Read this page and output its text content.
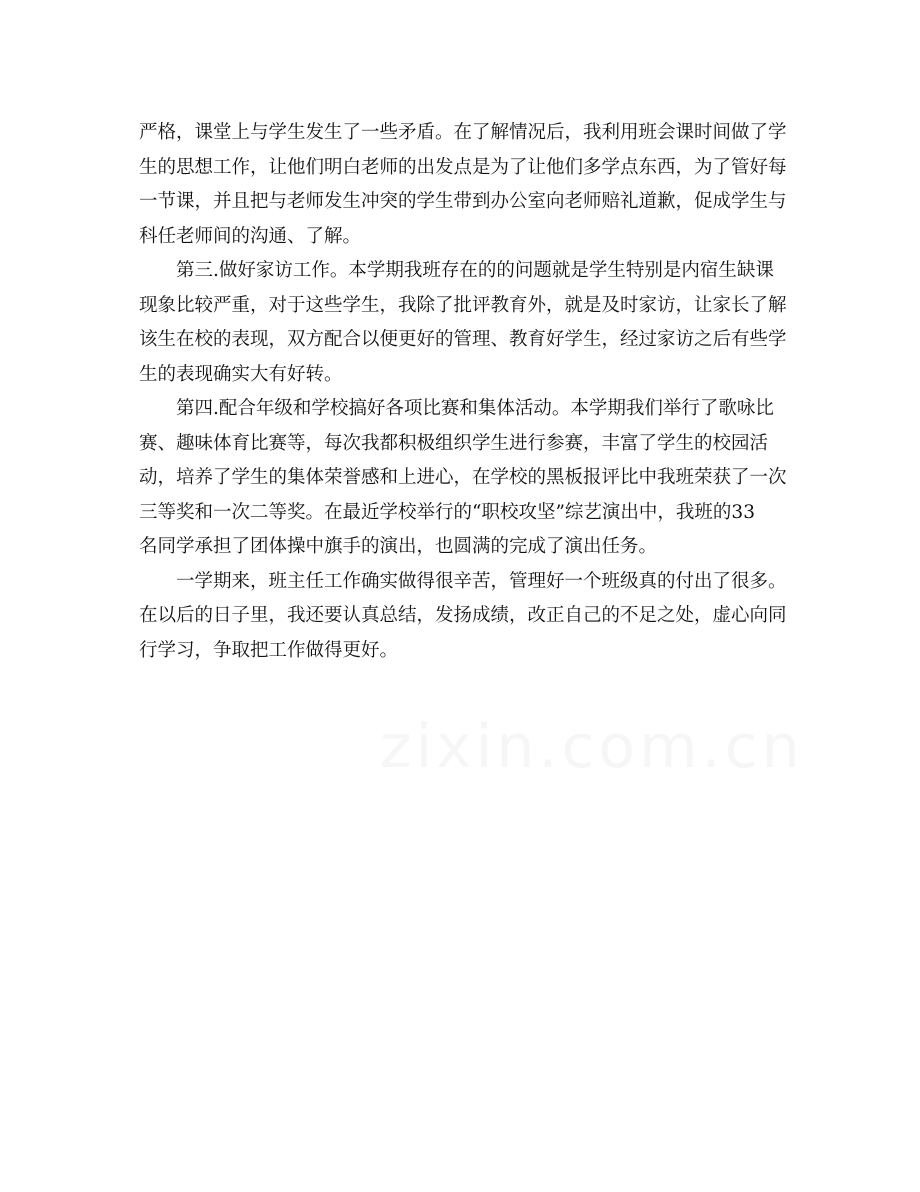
严格，课堂上与学生发生了一些矛盾。在了解情况后，我利用班会课时间做了学
生的思想工作，让他们明白老师的出发点是为了让他们多学点东西，为了管好每
一节课，并且把与老师发生冲突的学生带到办公室向老师赔礼道歉，促成学生与
科任老师间的沟通、了解。

第三.做好家访工作。本学期我班存在的的问题就是学生特别是内宿生缺课
现象比较严重，对于这些学生，我除了批评教育外，就是及时家访，让家长了解
该生在校的表现，双方配合以便更好的管理、教育好学生，经过家访之后有些学
生的表现确实大有好转。

第四.配合年级和学校搞好各项比赛和集体活动。本学期我们举行了歌咏比
赛、趣味体育比赛等，每次我都积极组织学生进行参赛，丰富了学生的校园活
动，培养了学生的集体荣誉感和上进心，在学校的黑板报评比中我班荣获了一次
三等奖和一次二等奖。在最近学校举行的“职校攻坚”综艺演出中，我班的33
名同学承担了团体操中旗手的演出，也圆满的完成了演出任务。

一学期来，班主任工作确实做得很辛苦，管理好一个班级真的付出了很多。
在以后的日子里，我还要认真总结，发扬成绩，改正自己的不足之处，虚心向同
行学习，争取把工作做得更好。

zixin.com.cn
